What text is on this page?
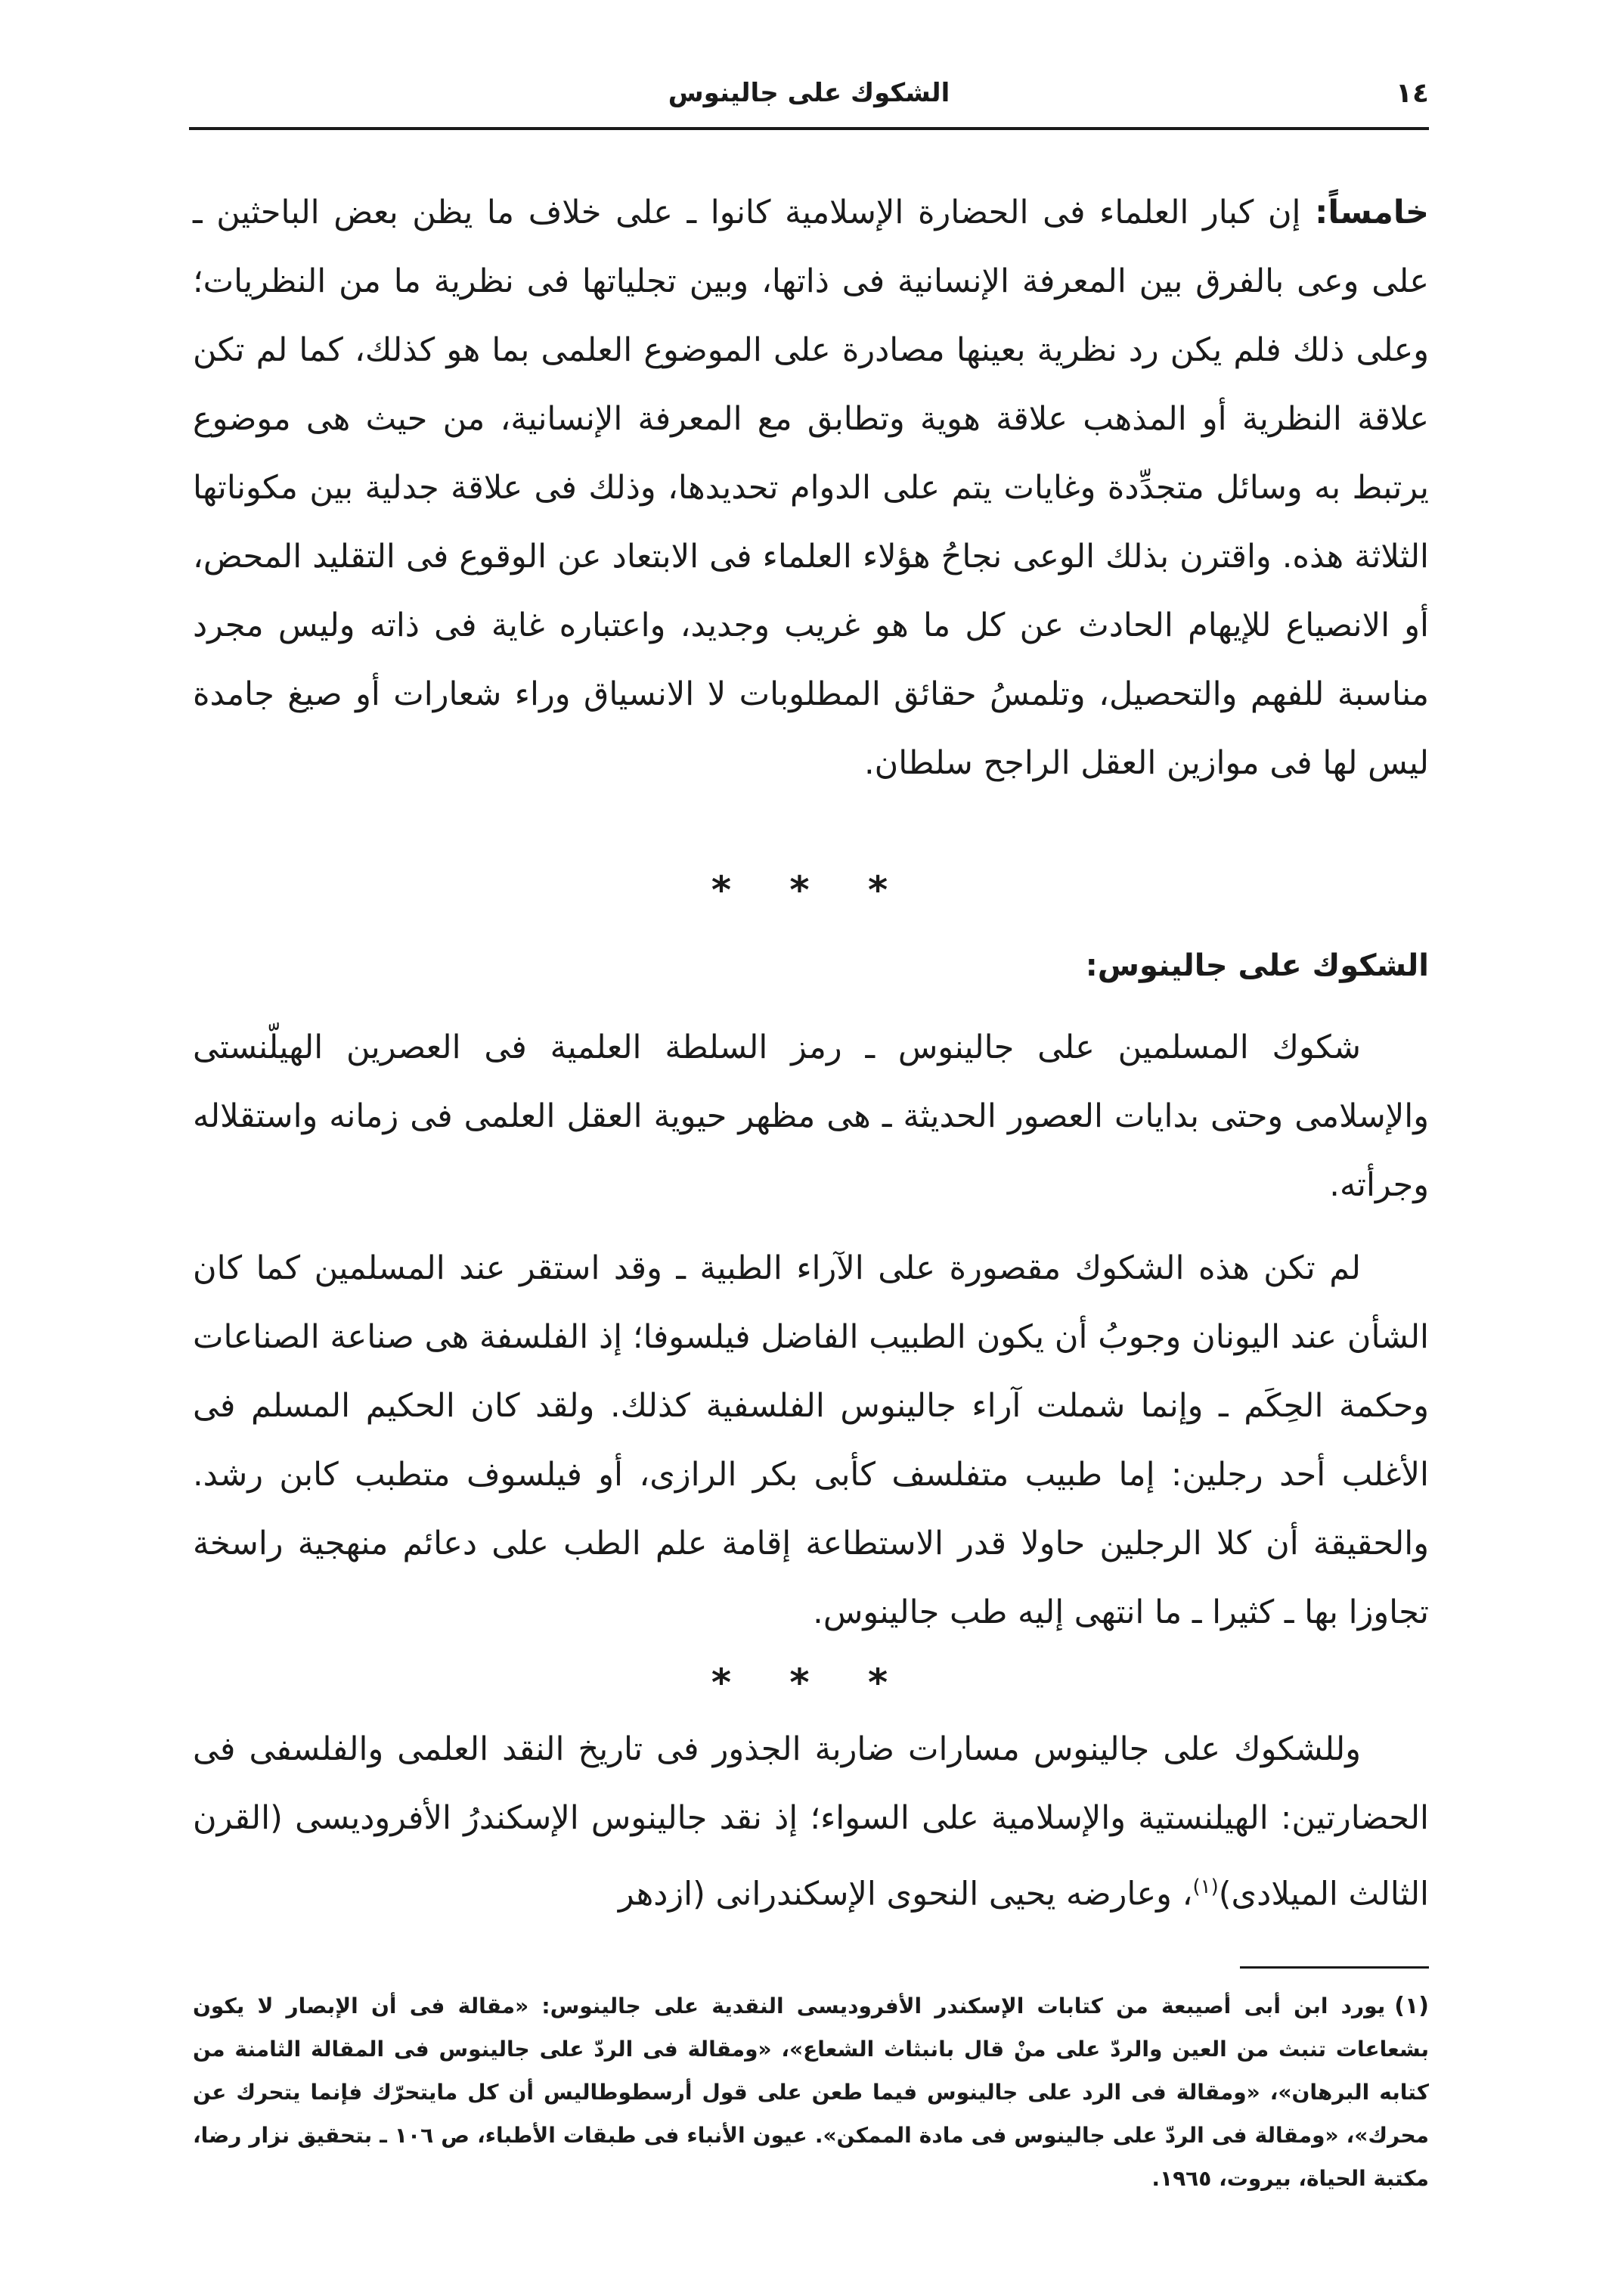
١٤
الشكوك على جالينوس

خامساً: إن كبار العلماء فى الحضارة الإسلامية كانوا ـ على خلاف ما يظن بعض الباحثين ـ على وعى بالفرق بين المعرفة الإنسانية فى ذاتها، وبين تجلياتها فى نظرية ما من النظريات؛ وعلى ذلك فلم يكن رد نظرية بعينها مصادرة على الموضوع العلمى بما هو كذلك، كما لم تكن علاقة النظرية أو المذهب علاقة هوية وتطابق مع المعرفة الإنسانية، من حيث هى موضوع يرتبط به وسائل متجدِّدة وغايات يتم على الدوام تحديدها، وذلك فى علاقة جدلية بين مكوناتها الثلاثة هذه. واقترن بذلك الوعى نجاحُ هؤلاء العلماء فى الابتعاد عن الوقوع فى التقليد المحض، أو الانصياع للإيهام الحادث عن كل ما هو غريب وجديد، واعتباره غاية فى ذاته وليس مجرد مناسبة للفهم والتحصيل، وتلمسُ حقائق المطلوبات لا الانسياق وراء شعارات أو صيغ جامدة ليس لها فى موازين العقل الراجح سلطان.

* * *
الشكوك على جالينوس:

شكوك المسلمين على جالينوس ـ رمز السلطة العلمية فى العصرين الهيلّنستى والإسلامى وحتى بدايات العصور الحديثة ـ هى مظهر حيوية العقل العلمى فى زمانه واستقلاله وجرأته.

لم تكن هذه الشكوك مقصورة على الآراء الطبية ـ وقد استقر عند المسلمين كما كان الشأن عند اليونان وجوبُ أن يكون الطبيب الفاضل فيلسوفا؛ إذ الفلسفة هى صناعة الصناعات وحكمة الحِكَم ـ وإنما شملت آراء جالينوس الفلسفية كذلك. ولقد كان الحكيم المسلم فى الأغلب أحد رجلين: إما طبيب متفلسف كأبى بكر الرازى، أو فيلسوف متطبب كابن رشد. والحقيقة أن كلا الرجلين حاولا قدر الاستطاعة إقامة علم الطب على دعائم منهجية راسخة تجاوزا بها ـ كثيرا ـ ما انتهى إليه طب جالينوس.

* * *

وللشكوك على جالينوس مسارات ضاربة الجذور فى تاريخ النقد العلمى والفلسفى فى الحضارتين: الهيلنستية والإسلامية على السواء؛ إذ نقد جالينوس الإسكندرُ الأفروديسى (القرن الثالث الميلادى)$^{(١)}$، وعارضه يحيى النحوى الإسكندرانى (ازدهر

(١)يورد ابن أبى أصيبعة من كتابات الإسكندر الأفروديسى النقدية على جالينوس: «مقالة فى أن الإبصار لا يكون بشعاعات تنبث من العين والردّ على منْ قال بانبثاث الشعاع»، «ومقالة فى الردّ على جالينوس فى المقالة الثامنة من كتابه البرهان»، «ومقالة فى الرد على جالينوس فيما طعن على قول أرسطوطاليس أن كل مايتحرّك فإنما يتحرك عن محرك»، «ومقالة فى الردّ على جالينوس فى مادة الممكن». عيون الأنباء فى طبقات الأطباء، ص ١٠٦ ـ بتحقيق نزار رضا، مكتبة الحياة، بيروت، ١٩٦٥.
